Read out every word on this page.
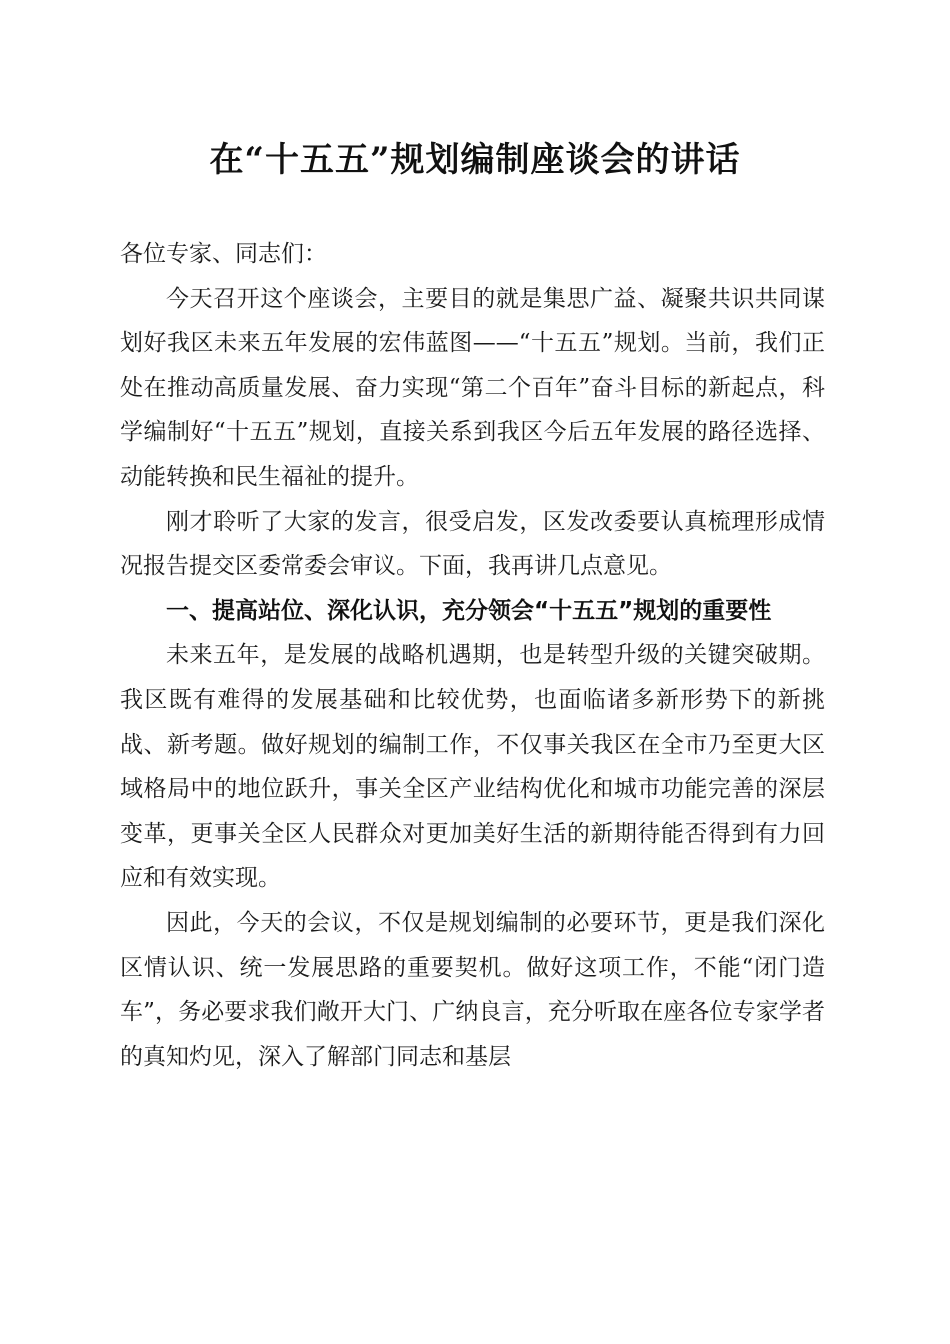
在“十五五”规划编制座谈会的讲话

各位专家、同志们：

今天召开这个座谈会，主要目的就是集思广益、凝聚共识共同谋划好我区未来五年发展的宏伟蓝图——“十五五”规划。当前，我们正处在推动高质量发展、奋力实现“第二个百年”奋斗目标的新起点，科学编制好“十五五”规划，直接关系到我区今后五年发展的路径选择、动能转换和民生福祉的提升。

刚才聆听了大家的发言，很受启发，区发改委要认真梳理形成情况报告提交区委常委会审议。下面，我再讲几点意见。

一、提高站位、深化认识，充分领会“十五五”规划的重要性

未来五年，是发展的战略机遇期，也是转型升级的关键突破期。我区既有难得的发展基础和比较优势，也面临诸多新形势下的新挑战、新考题。做好规划的编制工作，不仅事关我区在全市乃至更大区域格局中的地位跃升，事关全区产业结构优化和城市功能完善的深层变革，更事关全区人民群众对更加美好生活的新期待能否得到有力回应和有效实现。

因此，今天的会议，不仅是规划编制的必要环节，更是我们深化区情认识、统一发展思路的重要契机。做好这项工作，不能“闭门造车”，务必要求我们敞开大门、广纳良言，充分听取在座各位专家学者的真知灼见，深入了解部门同志和基层
